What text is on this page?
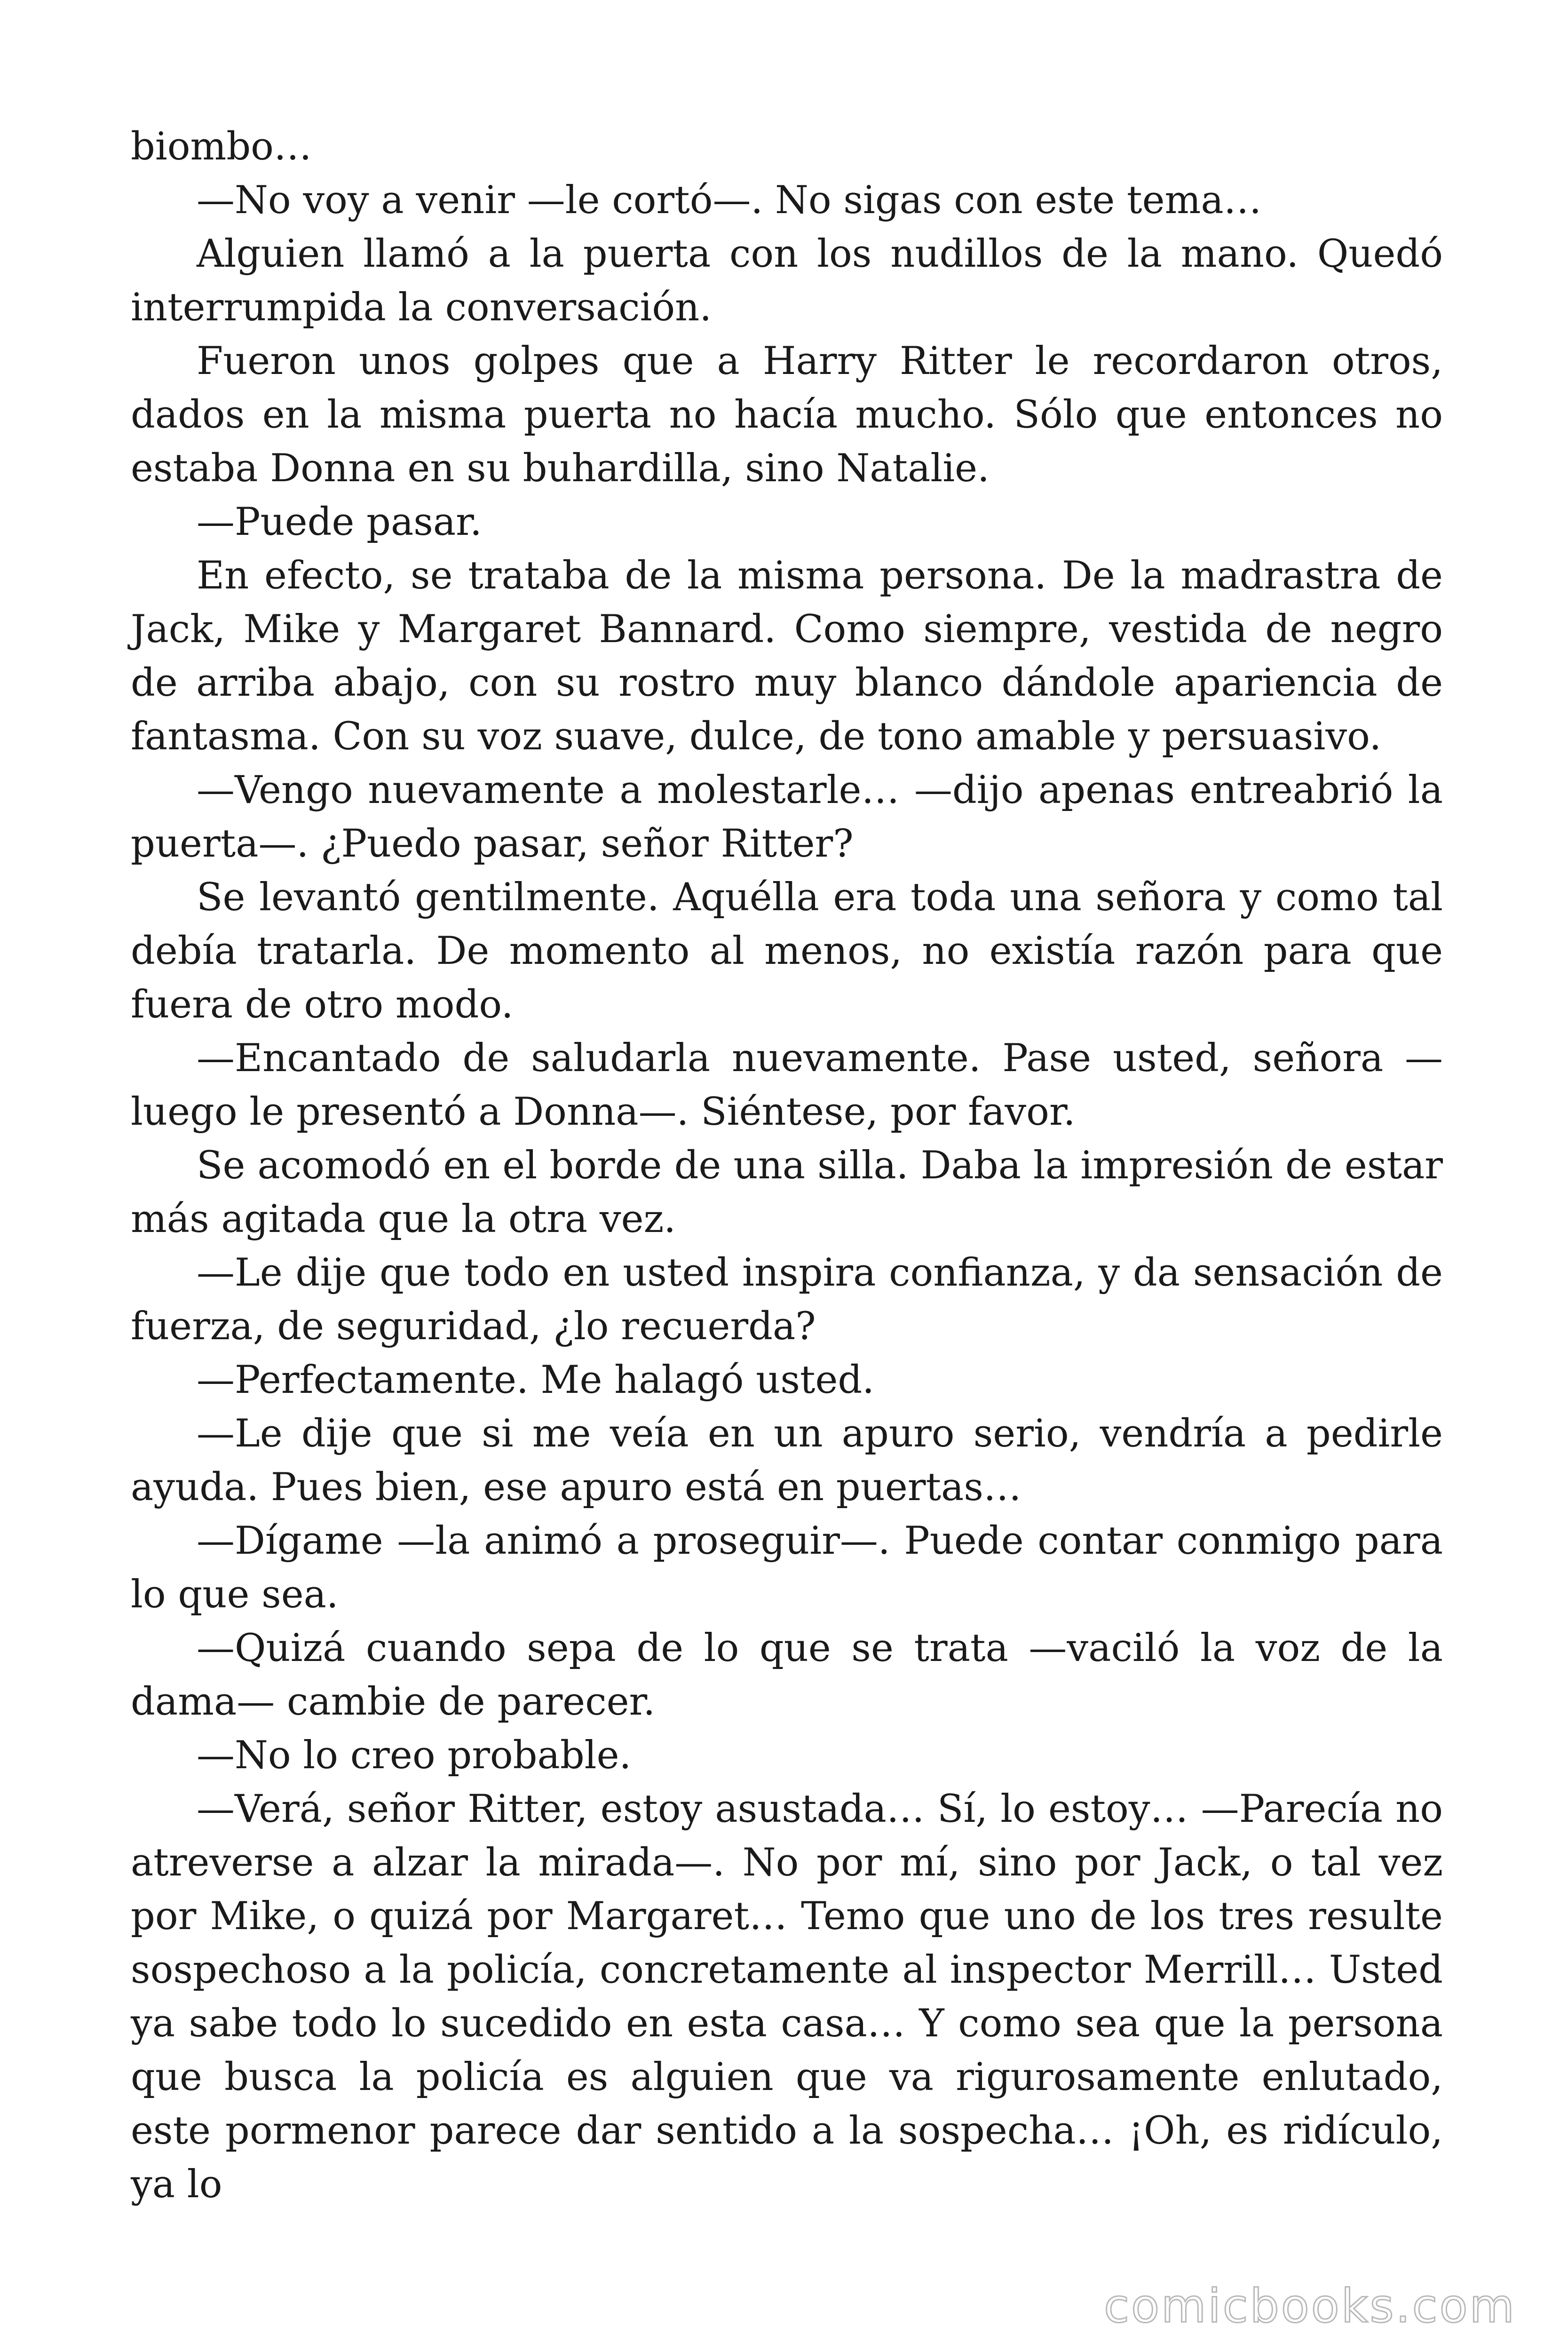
biombo…

—No voy a venir —le cortó—. No sigas con este tema…

Alguien llamó a la puerta con los nudillos de la mano. Quedó interrumpida la conversación.

Fueron unos golpes que a Harry Ritter le recordaron otros, dados en la misma puerta no hacía mucho. Sólo que entonces no estaba Donna en su buhardilla, sino Natalie.

—Puede pasar.

En efecto, se trataba de la misma persona. De la madrastra de Jack, Mike y Margaret Bannard. Como siempre, vestida de negro de arriba abajo, con su rostro muy blanco dándole apariencia de fantasma. Con su voz suave, dulce, de tono amable y persuasivo.

—Vengo nuevamente a molestarle… —dijo apenas entreabrió la puerta—. ¿Puedo pasar, señor Ritter?

Se levantó gentilmente. Aquélla era toda una señora y como tal debía tratarla. De momento al menos, no existía razón para que fuera de otro modo.

—Encantado de saludarla nuevamente. Pase usted, señora —luego le presentó a Donna—. Siéntese, por favor.

Se acomodó en el borde de una silla. Daba la impresión de estar más agitada que la otra vez.

—Le dije que todo en usted inspira confianza, y da sensación de fuerza, de seguridad, ¿lo recuerda?

—Perfectamente. Me halagó usted.

—Le dije que si me veía en un apuro serio, vendría a pedirle ayuda. Pues bien, ese apuro está en puertas…

—Dígame —la animó a proseguir—. Puede contar conmigo para lo que sea.

—Quizá cuando sepa de lo que se trata —vaciló la voz de la dama— cambie de parecer.

—No lo creo probable.

—Verá, señor Ritter, estoy asustada… Sí, lo estoy… —Parecía no atreverse a alzar la mirada—. No por mí, sino por Jack, o tal vez por Mike, o quizá por Margaret… Temo que uno de los tres resulte sospechoso a la policía, concretamente al inspector Merrill… Usted ya sabe todo lo sucedido en esta casa… Y como sea que la persona que busca la policía es alguien que va rigurosamente enlutado, este pormenor parece dar sentido a la sospecha… ¡Oh, es ridículo, ya lo

comicbooks.com
